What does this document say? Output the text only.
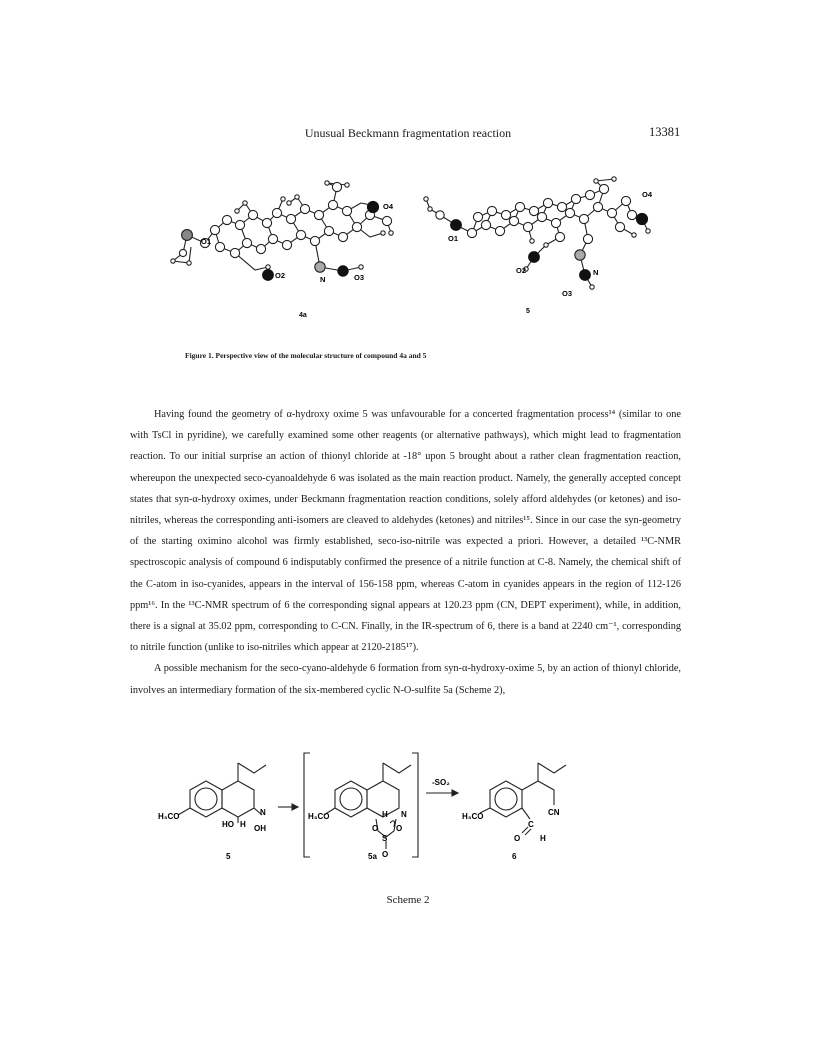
Unusual Beckmann fragmentation reaction	13381
O1
O2	N	O3
O4
4a
O1
O2	N
O3
O4
5
Figure 1. Perspective view of the molecular structure of compound 4a and 5

Having found the geometry of α-hydroxy oxime 5 was unfavourable for a concerted fragmentation process¹⁴ (similar to one with TsCl in pyridine), we carefully examined some other reagents (or alternative pathways), which might lead to fragmentation reaction. To our initial surprise an action of thionyl chloride at -18° upon 5 brought about a rather clean fragmentation reaction, whereupon the unexpected seco-cyanoaldehyde 6 was isolated as the main reaction product. Namely, the generally accepted concept states that syn-α-hydroxy oximes, under Beckmann fragmentation reaction conditions, solely afford aldehydes (or ketones) and iso-nitriles, whereas the corresponding anti-isomers are cleaved to aldehydes (ketones) and nitriles¹⁵. Since in our case the syn-geometry of the starting oximino alcohol was firmly established, seco-iso-nitrile was expected a priori. However, a detailed ¹³C-NMR spectroscopic analysis of compound 6 indisputably confirmed the presence of a nitrile function at C-8. Namely, the chemical shift of the C-atom in iso-cyanides, appears in the interval of 156-158 ppm, whereas C-atom in cyanides appears in the region of 112-126 ppm¹⁶. In the ¹³C-NMR spectrum of 6 the corresponding signal appears at 120.23 ppm (CN, DEPT experiment), while, in addition, there is a signal at 35.02 ppm, corresponding to C-CN. Finally, in the IR-spectrum of 6, there is a band at 2240 cm⁻¹, corresponding to nitrile function (unlike to iso-nitriles which appear at 2120-2185¹⁷).

A possible mechanism for the seco-cyano-aldehyde 6 formation from syn-α-hydroxy-oxime 5, by an action of thionyl chloride, involves an intermediary formation of the six-membered cyclic N-O-sulfite 5a (Scheme 2),

H₃CO
HO H
N
OH
5
H₃CO	H N
O O
S
O
5a
-SO₂
H₃CO	CN
C
O H
6
Scheme 2
